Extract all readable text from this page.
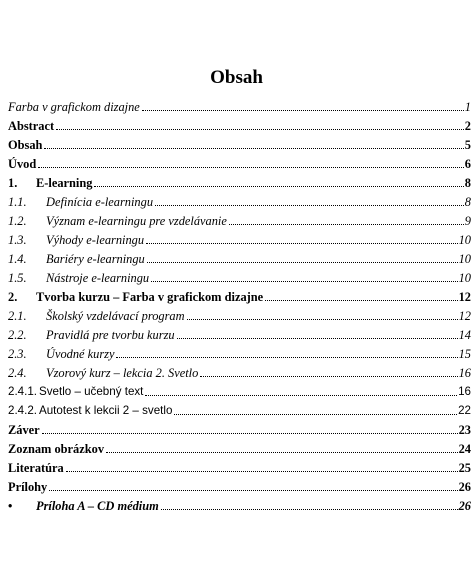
Obsah
Farba v grafickom dizajne	1
Abstract	2
Obsah	5
Úvod	6
1.	E-learning	8
1.1.	Definícia e-learningu	8
1.2.	Význam e-learningu pre vzdelávanie	9
1.3.	Výhody e-learningu	10
1.4.	Bariéry e-learningu	10
1.5.	Nástroje e-learningu	10
2.	Tvorba kurzu – Farba v grafickom dizajne	12
2.1.	Školský vzdelávací program	12
2.2.	Pravidlá pre tvorbu kurzu	14
2.3.	Úvodné kurzy	15
2.4.	Vzorový kurz – lekcia 2. Svetlo	16
2.4.1. Svetlo – učebný text	16
2.4.2. Autotest k lekcii 2 – svetlo	22
Záver	23
Zoznam obrázkov	24
Literatúra	25
Prílohy	26
•	Príloha A – CD médium	26
